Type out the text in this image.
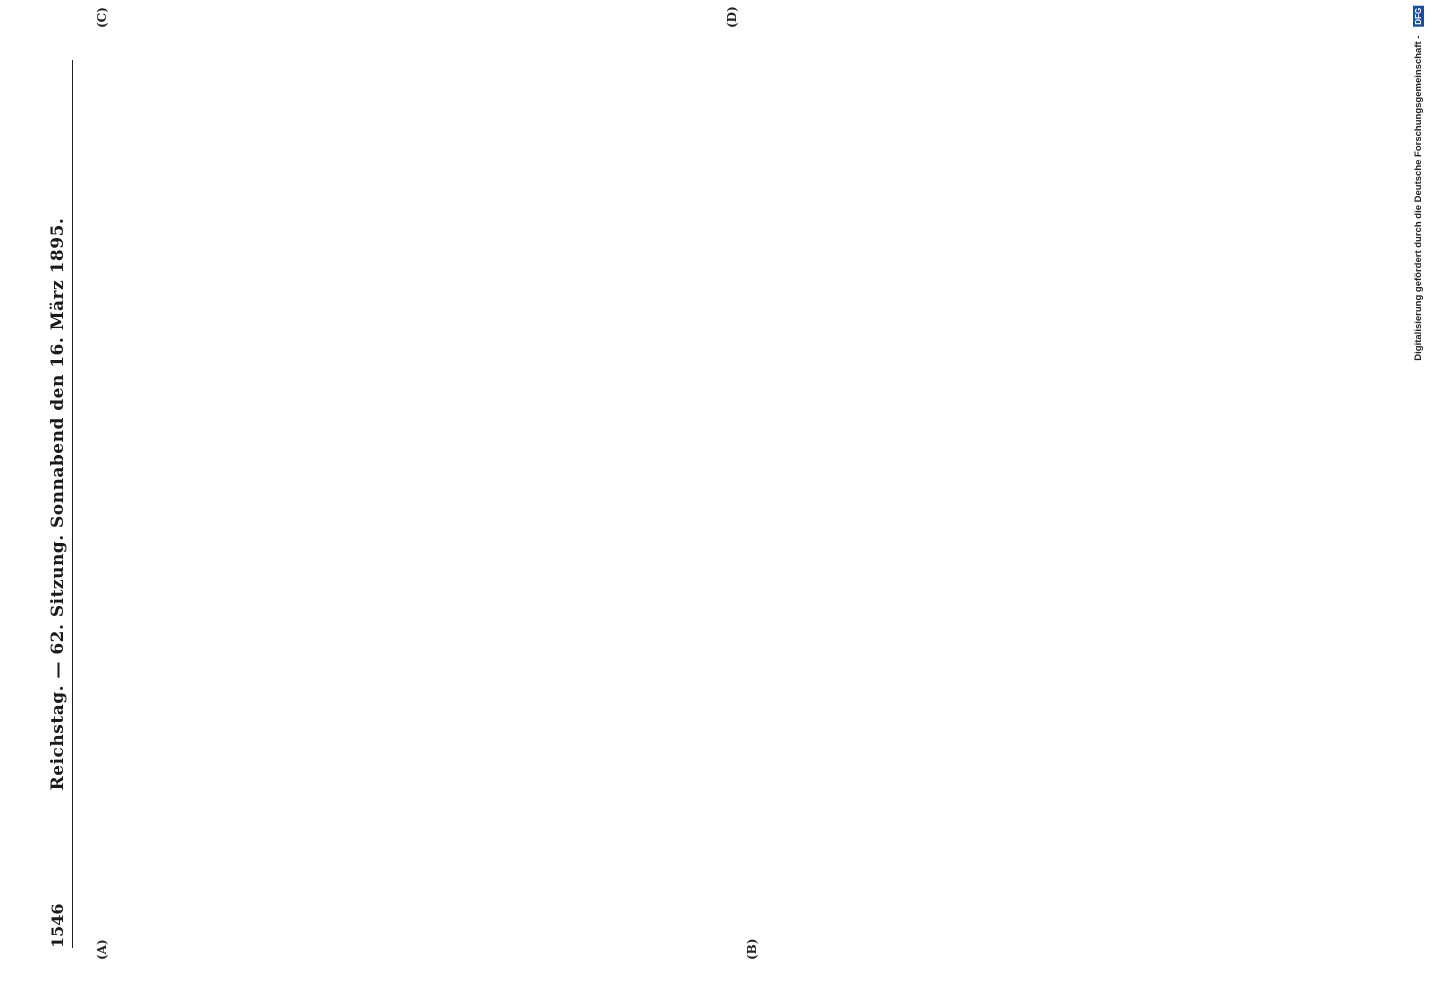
1546
Reichstag. — 62. Sitzung. Sonnabend den 16. März 1895.
(A)	(B)
(C)	(D)
Digitalisierung gefördert durch die Deutsche Forschungsgemeinschaft - DFG
